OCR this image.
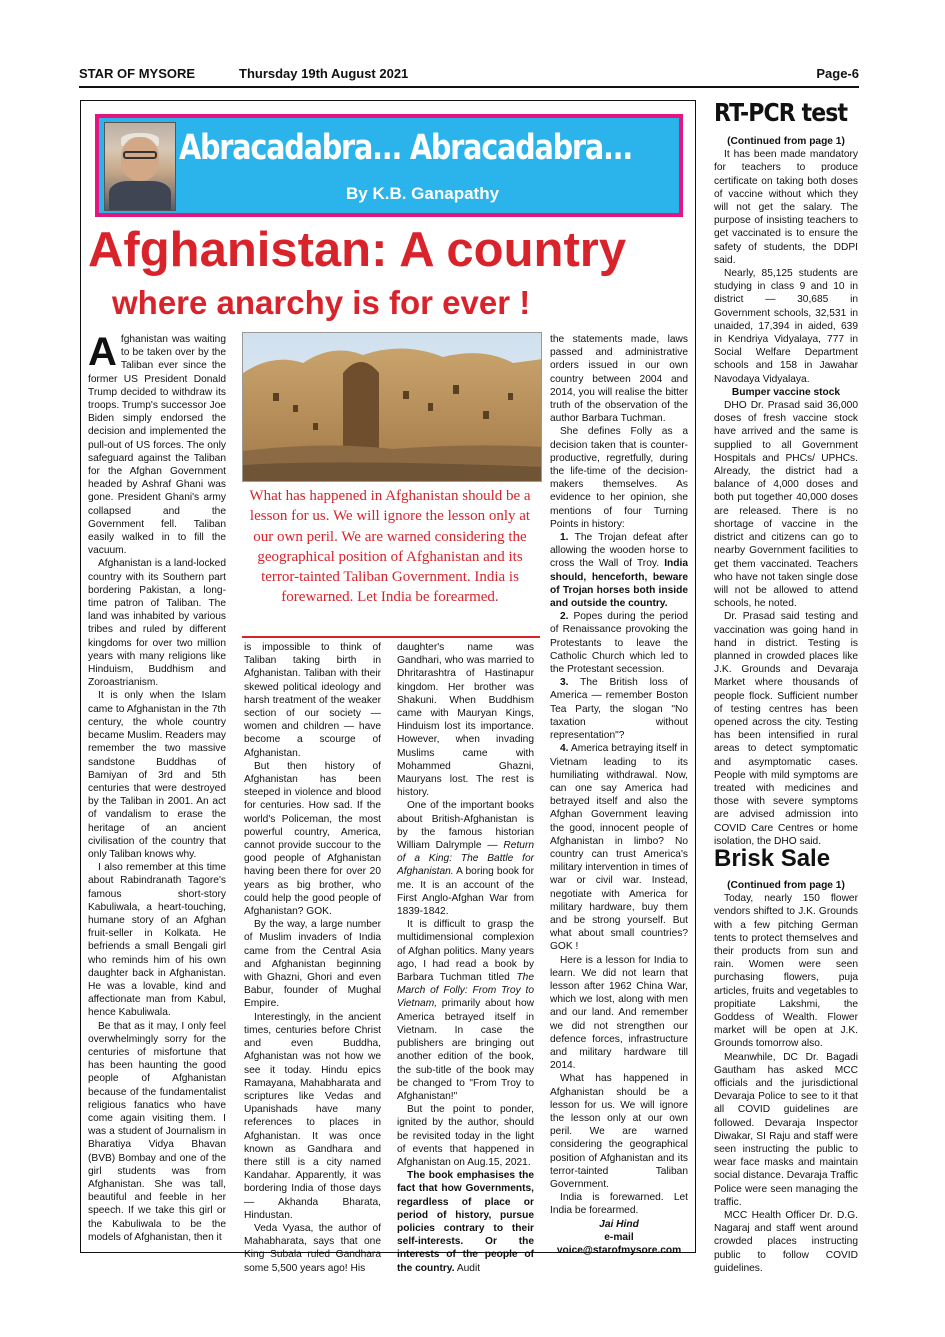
STAR OF MYSORE	Thursday 19th August 2021	Page-6
Abracadabra... Abracadabra...
By K.B. Ganapathy
Afghanistan: A country
where anarchy is for ever !

Afghanistan was waiting to be taken over by the Taliban ever since the former US President Donald Trump decided to withdraw its troops. Trump's successor Joe Biden simply endorsed the decision and implemented the pull-out of US forces. The only safeguard against the Taliban for the Afghan Government headed by Ashraf Ghani was gone. President Ghani's army collapsed and the Government fell. Taliban easily walked in to fill the vacuum.

Afghanistan is a land-locked country with its Southern part bordering Pakistan, a long-time patron of Taliban. The land was inhabited by various tribes and ruled by different kingdoms for over two million years with many religions like Hinduism, Buddhism and Zoroastrianism.

It is only when the Islam came to Afghanistan in the 7th century, the whole country became Muslim. Readers may remember the two massive sandstone Buddhas of Bamiyan of 3rd and 5th centuries that were destroyed by the Taliban in 2001. An act of vandalism to erase the heritage of an ancient civilisation of the country that only Taliban knows why.

I also remember at this time about Rabindranath Tagore's famous short-story Kabuliwala, a heart-touching, humane story of an Afghan fruit-seller in Kolkata. He befriends a small Bengali girl who reminds him of his own daughter back in Afghanistan. He was a lovable, kind and affectionate man from Kabul, hence Kabuliwala.

Be that as it may, I only feel overwhelmingly sorry for the centuries of misfortune that has been haunting the good people of Afghanistan because of the fundamentalist religious fanatics who have come again visiting them. I was a student of Journalism in Bharatiya Vidya Bhavan (BVB) Bombay and one of the girl students was from Afghanistan. She was tall, beautiful and feeble in her speech. If we take this girl or the Kabuliwala to be the models of Afghanistan, then it

What has happened in Afghanistan should be a lesson for us. We will ignore the lesson only at our own peril. We are warned considering the geographical position of Afghanistan and its terror-tainted Taliban Government. India is forewarned. Let India be forearmed.

is impossible to think of Taliban taking birth in Afghanistan. Taliban with their skewed political ideology and harsh treatment of the weaker section of our society — women and children — have become a scourge of Afghanistan.

But then history of Afghanistan has been steeped in violence and blood for centuries. How sad. If the world's Policeman, the most powerful country, America, cannot provide succour to the good people of Afghanistan having been there for over 20 years as big brother, who could help the good people of Afghanistan? GOK.

By the way, a large number of Muslim invaders of India came from the Central Asia and Afghanistan beginning with Ghazni, Ghori and even Babur, founder of Mughal Empire.

Interestingly, in the ancient times, centuries before Christ and even Buddha, Afghanistan was not how we see it today. Hindu epics Ramayana, Mahabharata and scriptures like Vedas and Upanishads have many references to places in Afghanistan. It was once known as Gandhara and there still is a city named Kandahar. Apparently, it was bordering India of those days — Akhanda Bharata, Hindustan.

Veda Vyasa, the author of Mahabharata, says that one King Subala ruled Gandhara some 5,500 years ago! His

daughter's name was Gandhari, who was married to Dhritarashtra of Hastinapur kingdom. Her brother was Shakuni. When Buddhism came with Mauryan Kings, Hinduism lost its importance. However, when invading Muslims came with Mohammed Ghazni, Mauryans lost. The rest is history.

One of the important books about British-Afghanistan is by the famous historian William Dalrymple — Return of a King: The Battle for Afghanistan. A boring book for me. It is an account of the First Anglo-Afghan War from 1839-1842.

It is difficult to grasp the multidimensional complexion of Afghan politics. Many years ago, I had read a book by Barbara Tuchman titled The March of Folly: From Troy to Vietnam, primarily about how America betrayed itself in Vietnam. In case the publishers are bringing out another edition of the book, the sub-title of the book may be changed to "From Troy to Afghanistan!"

But the point to ponder, ignited by the author, should be revisited today in the light of events that happened in Afghanistan on Aug.15, 2021.

The book emphasises the fact that how Governments, regardless of place or period of history, pursue policies contrary to their self-interests. Or the interests of the people of the country. Audit

the statements made, laws passed and administrative orders issued in our own country between 2004 and 2014, you will realise the bitter truth of the observation of the author Barbara Tuchman.

She defines Folly as a decision taken that is counter-productive, regretfully, during the life-time of the decision-makers themselves. As evidence to her opinion, she mentions of four Turning Points in history:

1. The Trojan defeat after allowing the wooden horse to cross the Wall of Troy. India should, henceforth, beware of Trojan horses both inside and outside the country.

2. Popes during the period of Renaissance provoking the Protestants to leave the Catholic Church which led to the Protestant secession.

3. The British loss of America — remember Boston Tea Party, the slogan "No taxation without representation"?

4. America betraying itself in Vietnam leading to its humiliating withdrawal. Now, can one say America had betrayed itself and also the Afghan Government leaving the good, innocent people of Afghanistan in limbo? No country can trust America's military intervention in times of war or civil war. Instead, negotiate with America for military hardware, buy them and be strong yourself. But what about small countries? GOK !

Here is a lesson for India to learn. We did not learn that lesson after 1962 China War, which we lost, along with men and our land. And remember we did not strengthen our defence forces, infrastructure and military hardware till 2014.

What has happened in Afghanistan should be a lesson for us. We will ignore the lesson only at our own peril. We are warned considering the geographical position of Afghanistan and its terror-tainted Taliban Government.

India is forewarned. Let India be forearmed.

Jai Hind

e-mail

voice@starofmysore.com

RT-PCR test

(Continued from page 1)

It has been made mandatory for teachers to produce certificate on taking both doses of vaccine without which they will not get the salary. The purpose of insisting teachers to get vaccinated is to ensure the safety of students, the DDPI said.

Nearly, 85,125 students are studying in class 9 and 10 in district — 30,685 in Government schools, 32,531 in unaided, 17,394 in aided, 639 in Kendriya Vidyalaya, 777 in Social Welfare Department schools and 158 in Jawahar Navodaya Vidyalaya.

Bumper vaccine stock

DHO Dr. Prasad said 36,000 doses of fresh vaccine stock have arrived and the same is supplied to all Government Hospitals and PHCs/ UPHCs. Already, the district had a balance of 4,000 doses and both put together 40,000 doses are released. There is no shortage of vaccine in the district and citizens can go to nearby Government facilities to get them vaccinated. Teachers who have not taken single dose will not be allowed to attend schools, he noted.

Dr. Prasad said testing and vaccination was going hand in hand in district. Testing is planned in crowded places like J.K. Grounds and Devaraja Market where thousands of people flock. Sufficient number of testing centres has been opened across the city. Testing has been intensified in rural areas to detect symptomatic and asymptomatic cases. People with mild symptoms are treated with medicines and those with severe symptoms are advised admission into COVID Care Centres or home isolation, the DHO said.

Brisk Sale

(Continued from page 1)

Today, nearly 150 flower vendors shifted to J.K. Grounds with a few pitching German tents to protect themselves and their products from sun and rain. Women were seen purchasing flowers, puja articles, fruits and vegetables to propitiate Lakshmi, the Goddess of Wealth. Flower market will be open at J.K. Grounds tomorrow also.

Meanwhile, DC Dr. Bagadi Gautham has asked MCC officials and the jurisdictional Devaraja Police to see to it that all COVID guidelines are followed. Devaraja Inspector Diwakar, SI Raju and staff were seen instructing the public to wear face masks and maintain social distance. Devaraja Traffic Police were seen managing the traffic.

MCC Health Officer Dr. D.G. Nagaraj and staff went around crowded places instructing public to follow COVID guidelines.
